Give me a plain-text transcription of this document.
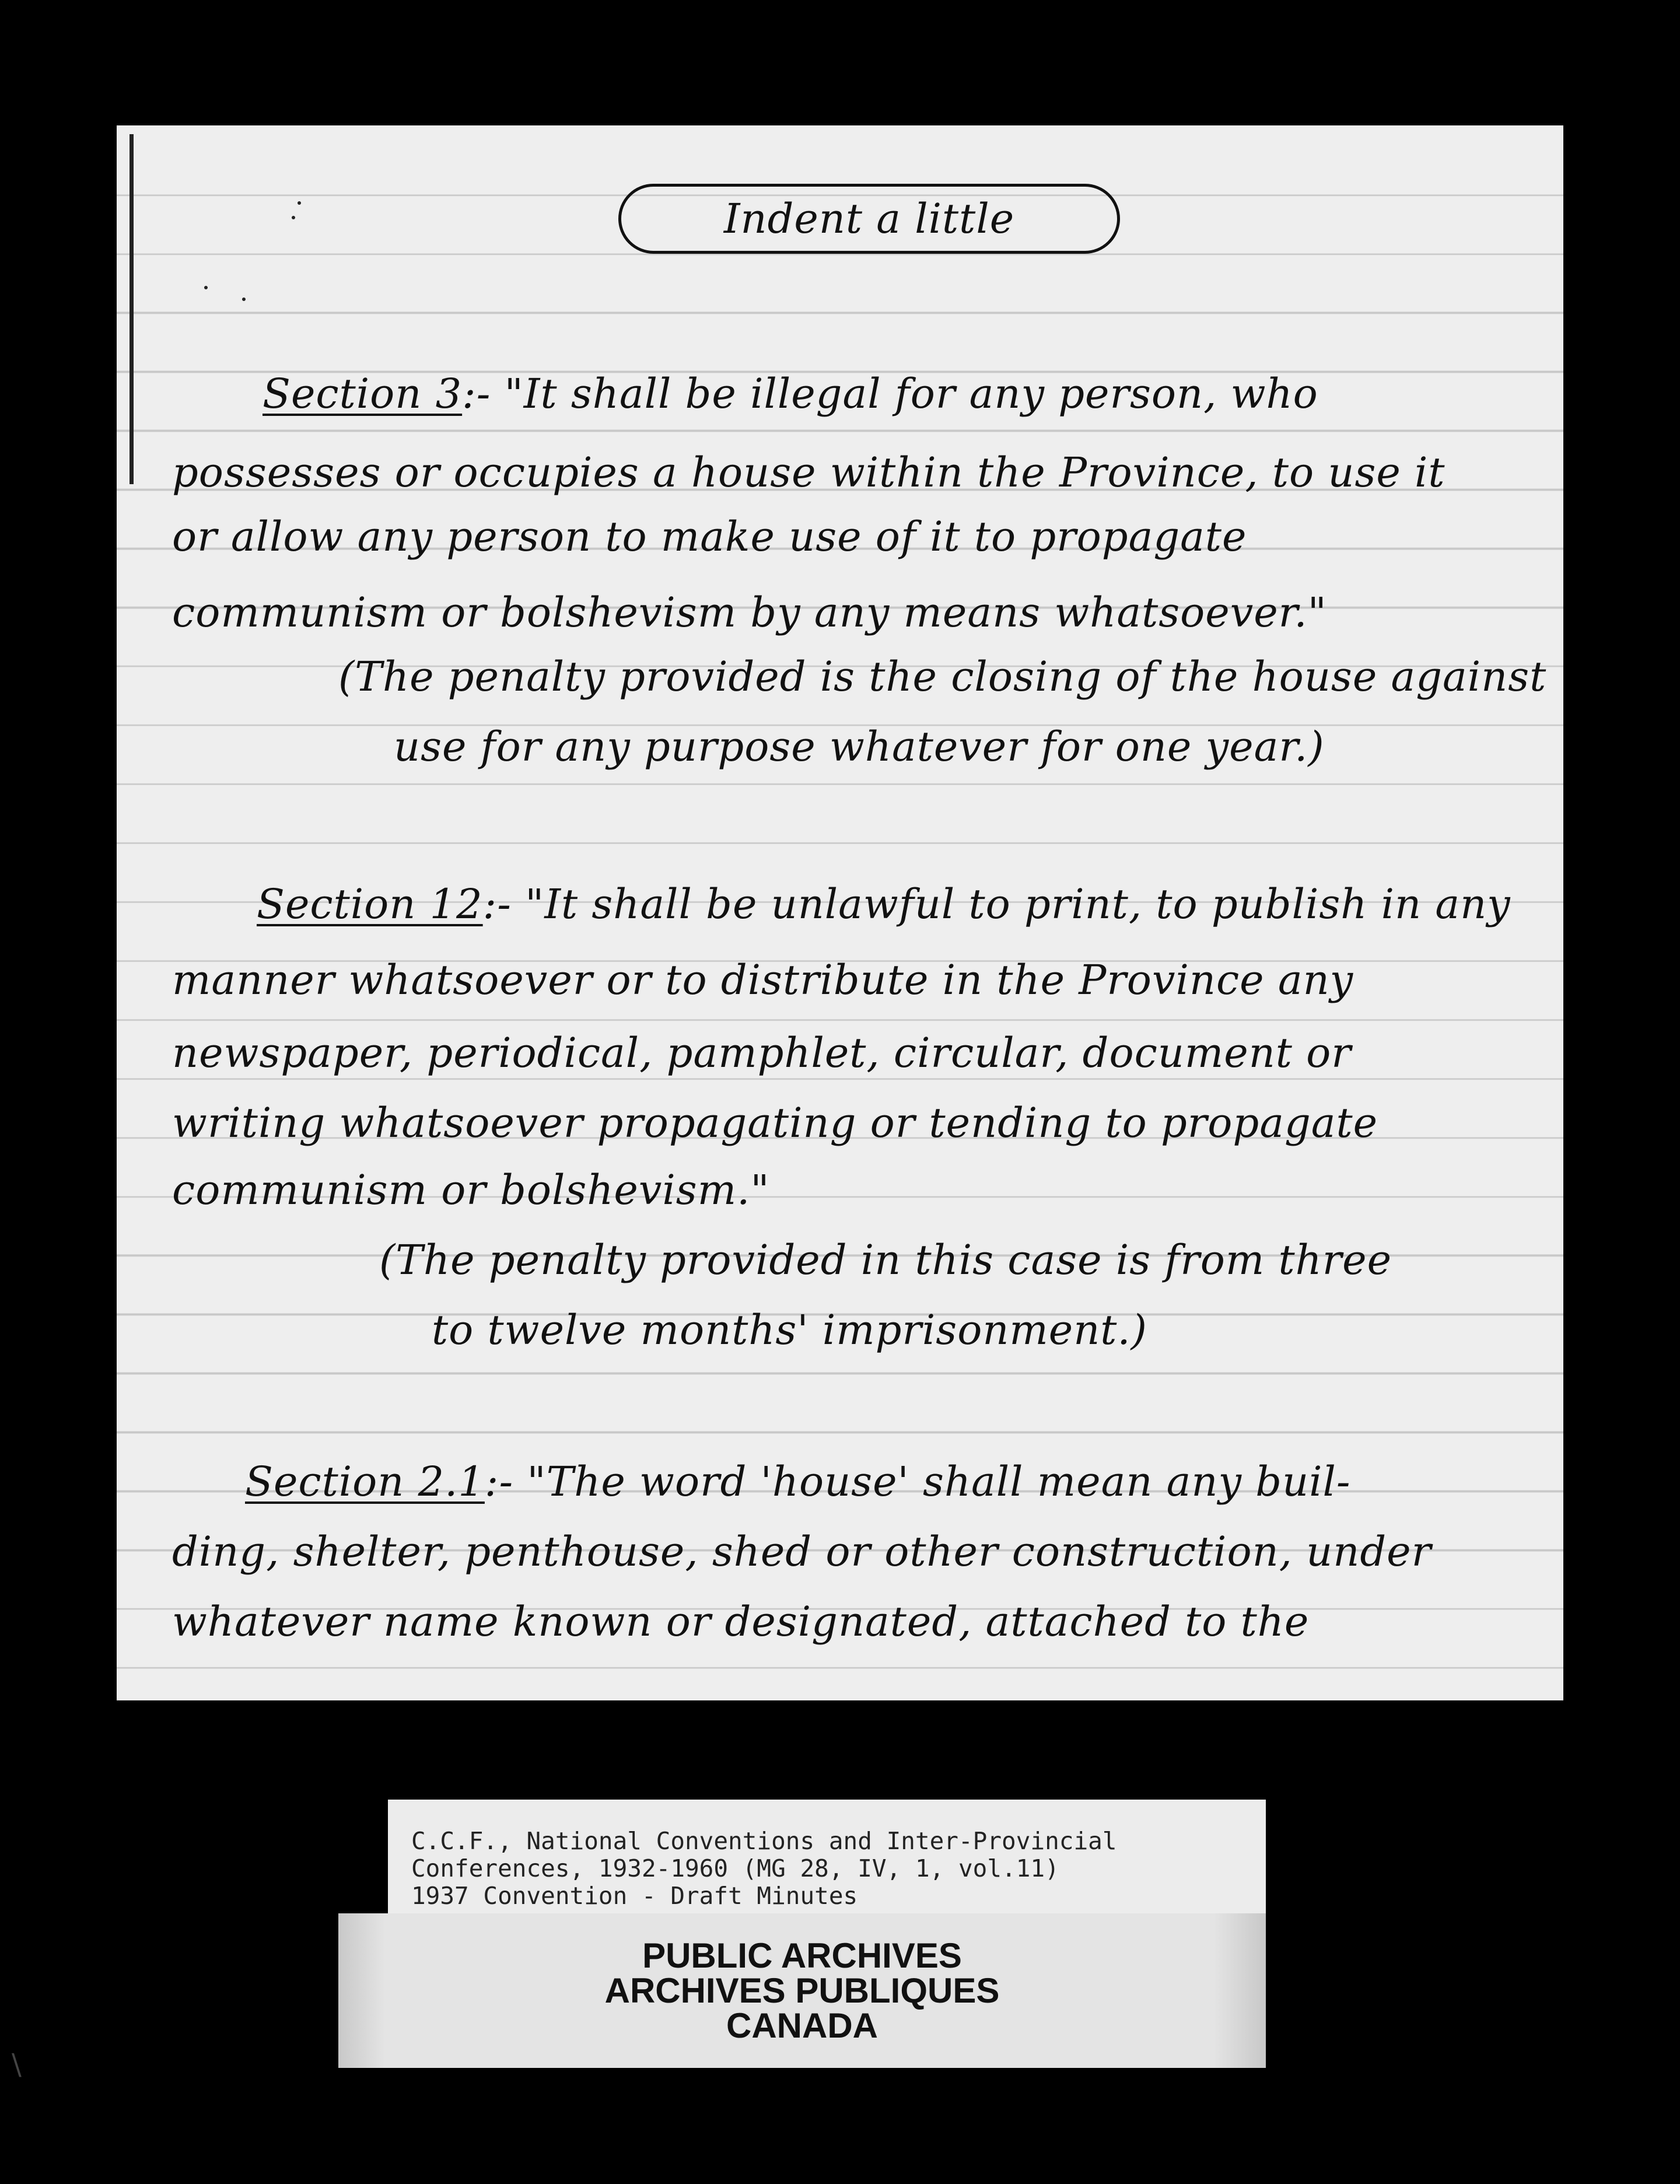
Indent a little
Section 3:- "It shall be illegal for any person, who
possesses or occupies a house within the Province, to use it
or allow any person to make use of it to propagate
communism or bolshevism by any means whatsoever."
(The penalty provided is the closing of the house against
use for any purpose whatever for one year.)
Section 12:- "It shall be unlawful to print, to publish in any
manner whatsoever or to distribute in the Province any
newspaper, periodical, pamphlet, circular, document or
writing whatsoever propagating or tending to propagate
communism or bolshevism."
(The penalty provided in this case is from three
to twelve months' imprisonment.)
Section 2.1:- "The word 'house' shall mean any buil-
ding, shelter, penthouse, shed or other construction, under
whatever name known or designated, attached to the
C.C.F., National Conventions and Inter-Provincial
Conferences, 1932-1960 (MG 28, IV, 1, vol.11)
1937 Convention - Draft Minutes
PUBLIC ARCHIVES
ARCHIVES PUBLIQUES
CANADA
\
